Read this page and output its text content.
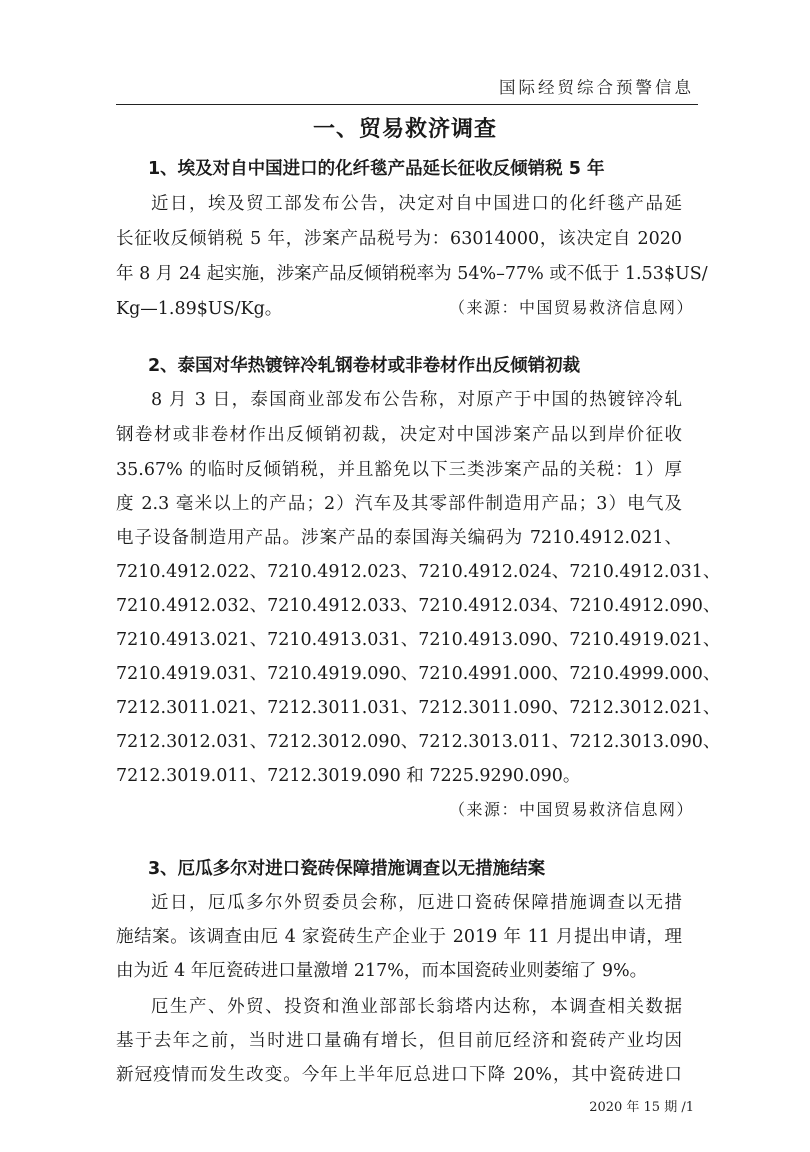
国际经贸综合预警信息
一、贸易救济调查
1、埃及对自中国进口的化纤毯产品延长征收反倾销税 5 年
近日，埃及贸工部发布公告，决定对自中国进口的化纤毯产品延
长征收反倾销税 5 年，涉案产品税号为：63014000，该决定自 2020
年 8 月 24 起实施，涉案产品反倾销税率为 54%–77% 或不低于 1.53$US/
Kg—1.89$US/Kg。	（来源：中国贸易救济信息网）
2、泰国对华热镀锌冷轧钢卷材或非卷材作出反倾销初裁
8 月 3 日，泰国商业部发布公告称，对原产于中国的热镀锌冷轧
钢卷材或非卷材作出反倾销初裁，决定对中国涉案产品以到岸价征收
35.67% 的临时反倾销税，并且豁免以下三类涉案产品的关税：1）厚
度 2.3 毫米以上的产品；2）汽车及其零部件制造用产品；3）电气及
电子设备制造用产品。涉案产品的泰国海关编码为 7210.4912.021、
7210.4912.022、7210.4912.023、7210.4912.024、7210.4912.031、
7210.4912.032、7210.4912.033、7210.4912.034、7210.4912.090、
7210.4913.021、7210.4913.031、7210.4913.090、7210.4919.021、
7210.4919.031、7210.4919.090、7210.4991.000、7210.4999.000、
7212.3011.021、7212.3011.031、7212.3011.090、7212.3012.021、
7212.3012.031、7212.3012.090、7212.3013.011、7212.3013.090、
7212.3019.011、7212.3019.090 和 7225.9290.090。
（来源：中国贸易救济信息网）
3、厄瓜多尔对进口瓷砖保障措施调查以无措施结案
近日，厄瓜多尔外贸委员会称，厄进口瓷砖保障措施调查以无措
施结案。该调查由厄 4 家瓷砖生产企业于 2019 年 11 月提出申请，理
由为近 4 年厄瓷砖进口量激增 217%，而本国瓷砖业则萎缩了 9%。
厄生产、外贸、投资和渔业部部长翁塔内达称，本调查相关数据
基于去年之前，当时进口量确有增长，但目前厄经济和瓷砖产业均因
新冠疫情而发生改变。今年上半年厄总进口下降 20%，其中瓷砖进口
2020 年 15 期 /1
